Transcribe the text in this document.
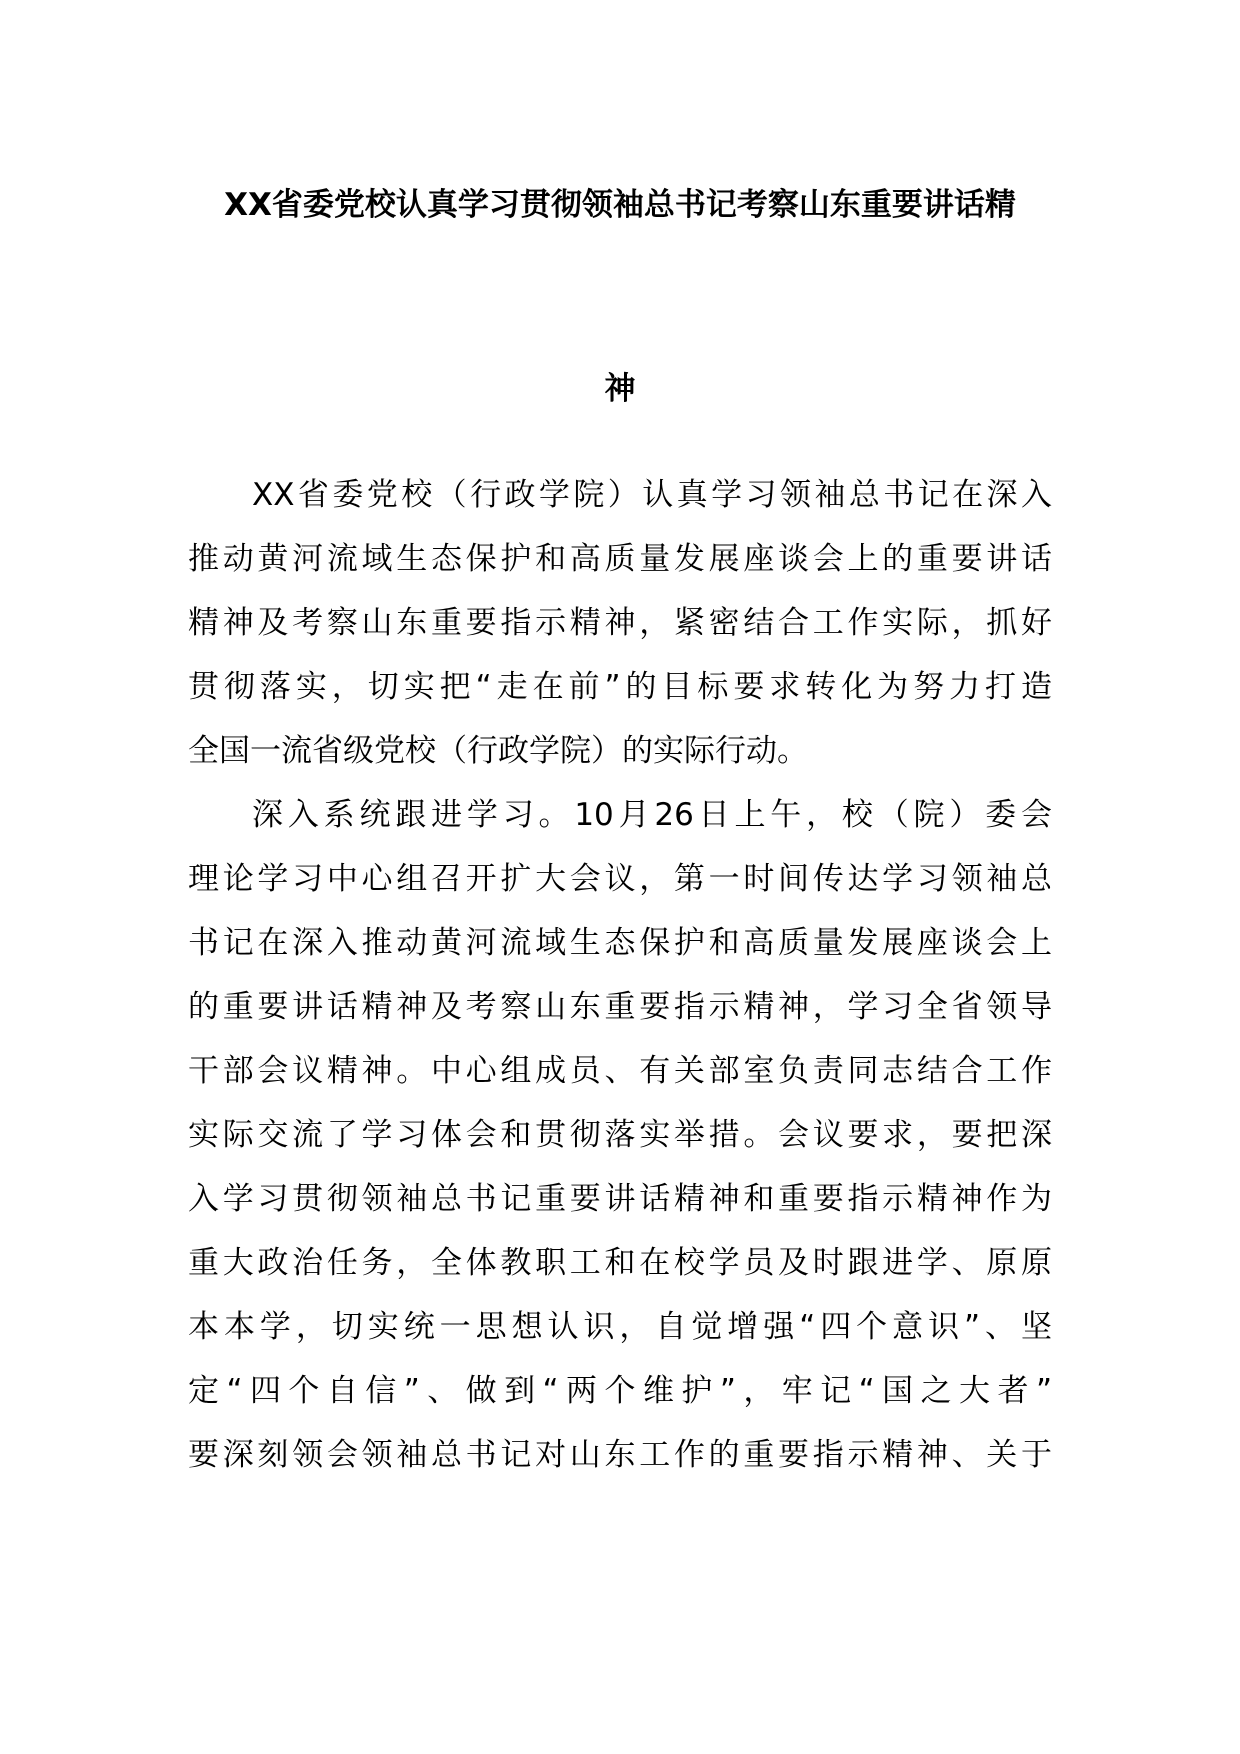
XX省委党校认真学习贯彻领袖总书记考察山东重要讲话精
神

XX省委党校（行政学院）认真学习领袖总书记在深入

推动黄河流域生态保护和高质量发展座谈会上的重要讲话

精神及考察山东重要指示精神，紧密结合工作实际，抓好

贯彻落实，切实把“走在前”的目标要求转化为努力打造

全国一流省级党校（行政学院）的实际行动。

深入系统跟进学习。10月26日上午，校（院）委会

理论学习中心组召开扩大会议，第一时间传达学习领袖总

书记在深入推动黄河流域生态保护和高质量发展座谈会上

的重要讲话精神及考察山东重要指示精神，学习全省领导

干部会议精神。中心组成员、有关部室负责同志结合工作

实际交流了学习体会和贯彻落实举措。会议要求，要把深

入学习贯彻领袖总书记重要讲话精神和重要指示精神作为

重大政治任务，全体教职工和在校学员及时跟进学、原原

本本学，切实统一思想认识，自觉增强“四个意识”、坚

定“四个自信”、做到“两个维护”，牢记“国之大者”

要深刻领会领袖总书记对山东工作的重要指示精神、关于
